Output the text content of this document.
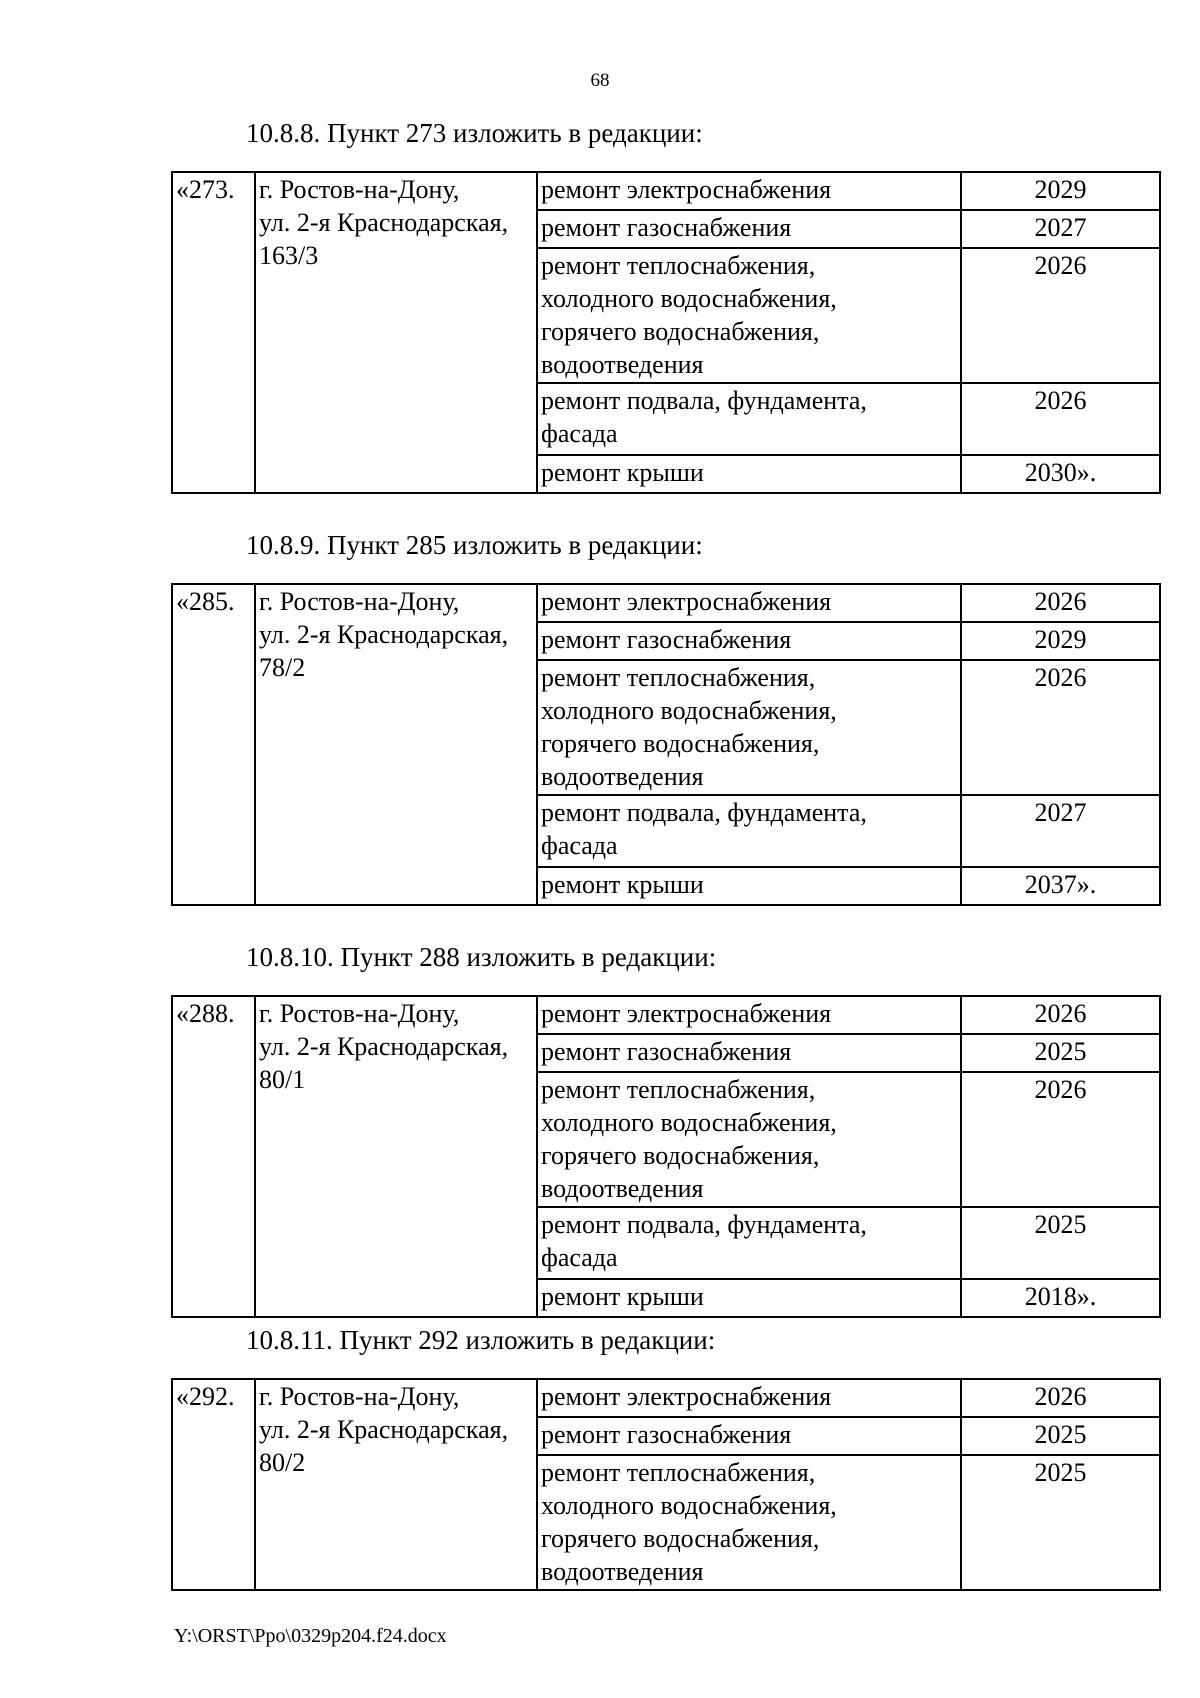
68
10.8.8. Пункт 273 изложить в редакции:
«273.	г. Ростов-на-Дону,
ул. 2-я Краснодарская,
163/3	ремонт электроснабжения	2029
		ремонт газоснабжения	2027
		ремонт теплоснабжения,
холодного водоснабжения,
горячего водоснабжения,
водоотведения	2026
		ремонт подвала, фундамента,
фасада	2026
		ремонт крыши	2030».
10.8.9. Пункт 285 изложить в редакции:
«285.	г. Ростов-на-Дону,
ул. 2-я Краснодарская,
78/2	ремонт электроснабжения	2026
		ремонт газоснабжения	2029
		ремонт теплоснабжения,
холодного водоснабжения,
горячего водоснабжения,
водоотведения	2026
		ремонт подвала, фундамента,
фасада	2027
		ремонт крыши	2037».
10.8.10. Пункт 288 изложить в редакции:
«288.	г. Ростов-на-Дону,
ул. 2-я Краснодарская,
80/1	ремонт электроснабжения	2026
		ремонт газоснабжения	2025
		ремонт теплоснабжения,
холодного водоснабжения,
горячего водоснабжения,
водоотведения	2026
		ремонт подвала, фундамента,
фасада	2025
		ремонт крыши	2018».
10.8.11. Пункт 292 изложить в редакции:
«292.	г. Ростов-на-Дону,
ул. 2-я Краснодарская,
80/2	ремонт электроснабжения	2026
		ремонт газоснабжения	2025
		ремонт теплоснабжения,
холодного водоснабжения,
горячего водоснабжения,
водоотведения	2025
Y:\ORST\Ppo\0329p204.f24.docx
